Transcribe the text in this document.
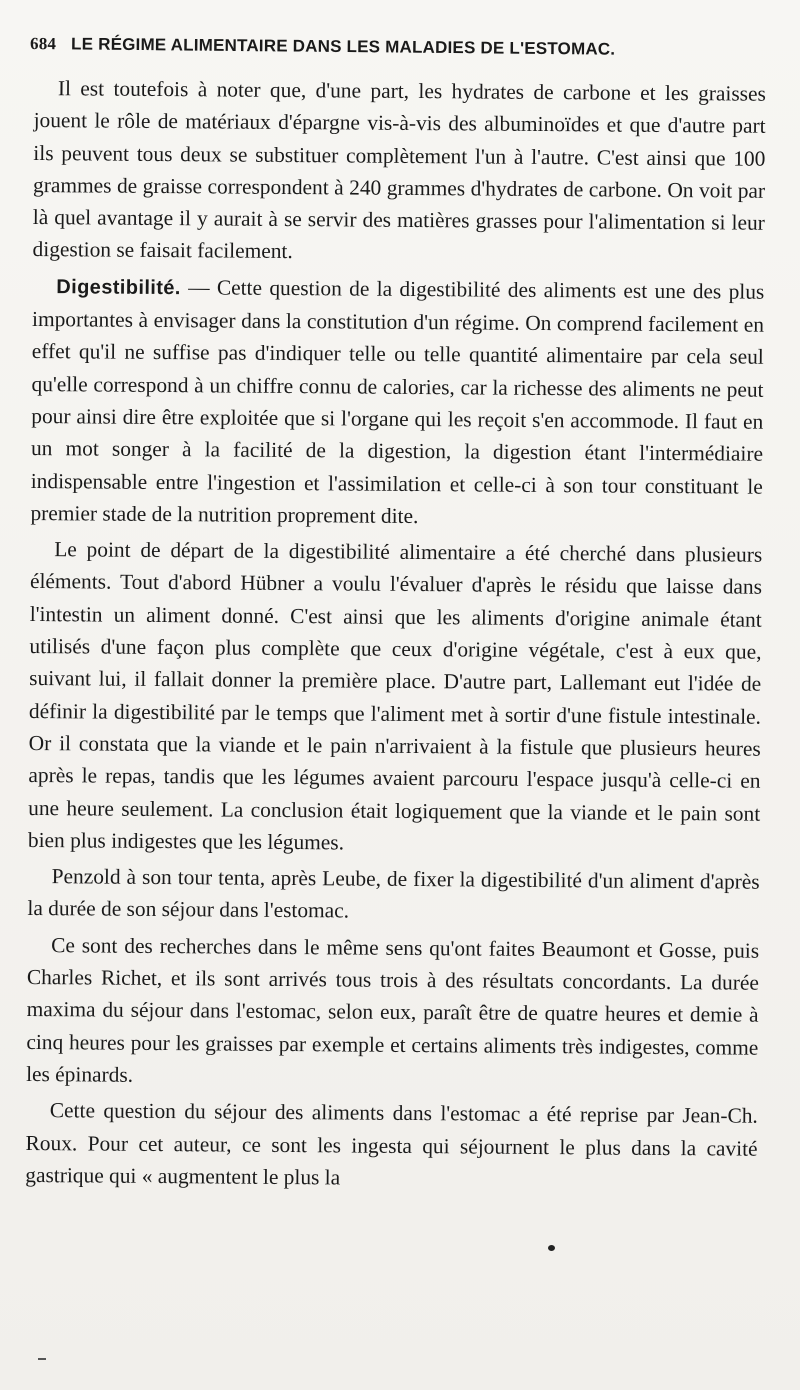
684 LE RÉGIME ALIMENTAIRE DANS LES MALADIES DE L'ESTOMAC.

Il est toutefois à noter que, d'une part, les hydrates de carbone et les graisses jouent le rôle de matériaux d'épargne vis-à-vis des albuminoïdes et que d'autre part ils peuvent tous deux se substituer complètement l'un à l'autre. C'est ainsi que 100 grammes de graisse correspondent à 240 grammes d'hydrates de carbone. On voit par là quel avantage il y aurait à se servir des matières grasses pour l'alimentation si leur digestion se faisait facilement.

Digestibilité. — Cette question de la digestibilité des aliments est une des plus importantes à envisager dans la constitution d'un régime. On comprend facilement en effet qu'il ne suffise pas d'indiquer telle ou telle quantité alimentaire par cela seul qu'elle correspond à un chiffre connu de calories, car la richesse des aliments ne peut pour ainsi dire être exploitée que si l'organe qui les reçoit s'en accommode. Il faut en un mot songer à la facilité de la digestion, la digestion étant l'intermédiaire indispensable entre l'ingestion et l'assimilation et celle-ci à son tour constituant le premier stade de la nutrition proprement dite.

Le point de départ de la digestibilité alimentaire a été cherché dans plusieurs éléments. Tout d'abord Hübner a voulu l'évaluer d'après le résidu que laisse dans l'intestin un aliment donné. C'est ainsi que les aliments d'origine animale étant utilisés d'une façon plus complète que ceux d'origine végétale, c'est à eux que, suivant lui, il fallait donner la première place. D'autre part, Lallemant eut l'idée de définir la digestibilité par le temps que l'aliment met à sortir d'une fistule intestinale. Or il constata que la viande et le pain n'arrivaient à la fistule que plusieurs heures après le repas, tandis que les légumes avaient parcouru l'espace jusqu'à celle-ci en une heure seulement. La conclusion était logiquement que la viande et le pain sont bien plus indigestes que les légumes.

Penzold à son tour tenta, après Leube, de fixer la digestibilité d'un aliment d'après la durée de son séjour dans l'estomac.

Ce sont des recherches dans le même sens qu'ont faites Beaumont et Gosse, puis Charles Richet, et ils sont arrivés tous trois à des résultats concordants. La durée maxima du séjour dans l'estomac, selon eux, paraît être de quatre heures et demie à cinq heures pour les graisses par exemple et certains aliments très indigestes, comme les épinards.

Cette question du séjour des aliments dans l'estomac a été reprise par Jean-Ch. Roux. Pour cet auteur, ce sont les ingesta qui séjournent le plus dans la cavité gastrique qui « augmentent le plus la
